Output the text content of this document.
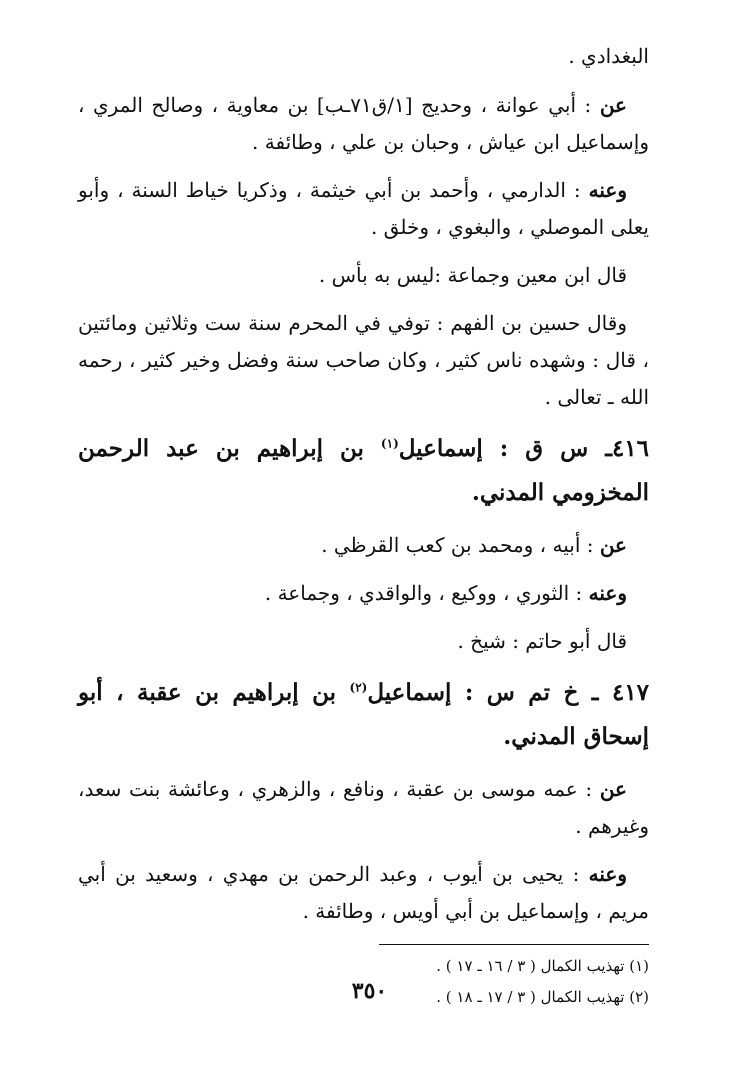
البغدادي .

عن : أبي عوانة ، وحديج [١/ق٧١ـب] بن معاوية ، وصالح المري ، وإسماعيل ابن عياش ، وحبان بن علي ، وطائفة .

وعنه : الدارمي ، وأحمد بن أبي خيثمة ، وذكريا خياط السنة ، وأبو يعلى الموصلي ، والبغوي ، وخلق .

قال ابن معين وجماعة :ليس به بأس .

وقال حسين بن الفهم : توفي في المحرم سنة ست وثلاثين ومائتين ، قال : وشهده ناس كثير ، وكان صاحب سنة وفضل وخير كثير ، رحمه الله ـ تعالى .

٤١٦ـ س ق : إسماعيل$^{(١)}$ بن إبراهيم بن عبد الرحمن المخزومي المدني.

عن : أبيه ، ومحمد بن كعب القرظي .

وعنه : الثوري ، ووكيع ، والواقدي ، وجماعة .

قال أبو حاتم : شيخ .

٤١٧ ـ خ تم س : إسماعيل$^{(٢)}$ بن إبراهيم بن عقبة ، أبو إسحاق المدني.

عن : عمه موسى بن عقبة ، ونافع ، والزهري ، وعائشة بنت سعد، وغيرهم .

وعنه : يحيى بن أيوب ، وعبد الرحمن بن مهدي ، وسعيد بن أبي مريم ، وإسماعيل بن أبي أويس ، وطائفة .

(١) تهذيب الكمال ( ٣ / ١٦ ـ ١٧ ) .
(٢) تهذيب الكمال ( ٣ / ١٧ ـ ١٨ ) .
٣٥٠
